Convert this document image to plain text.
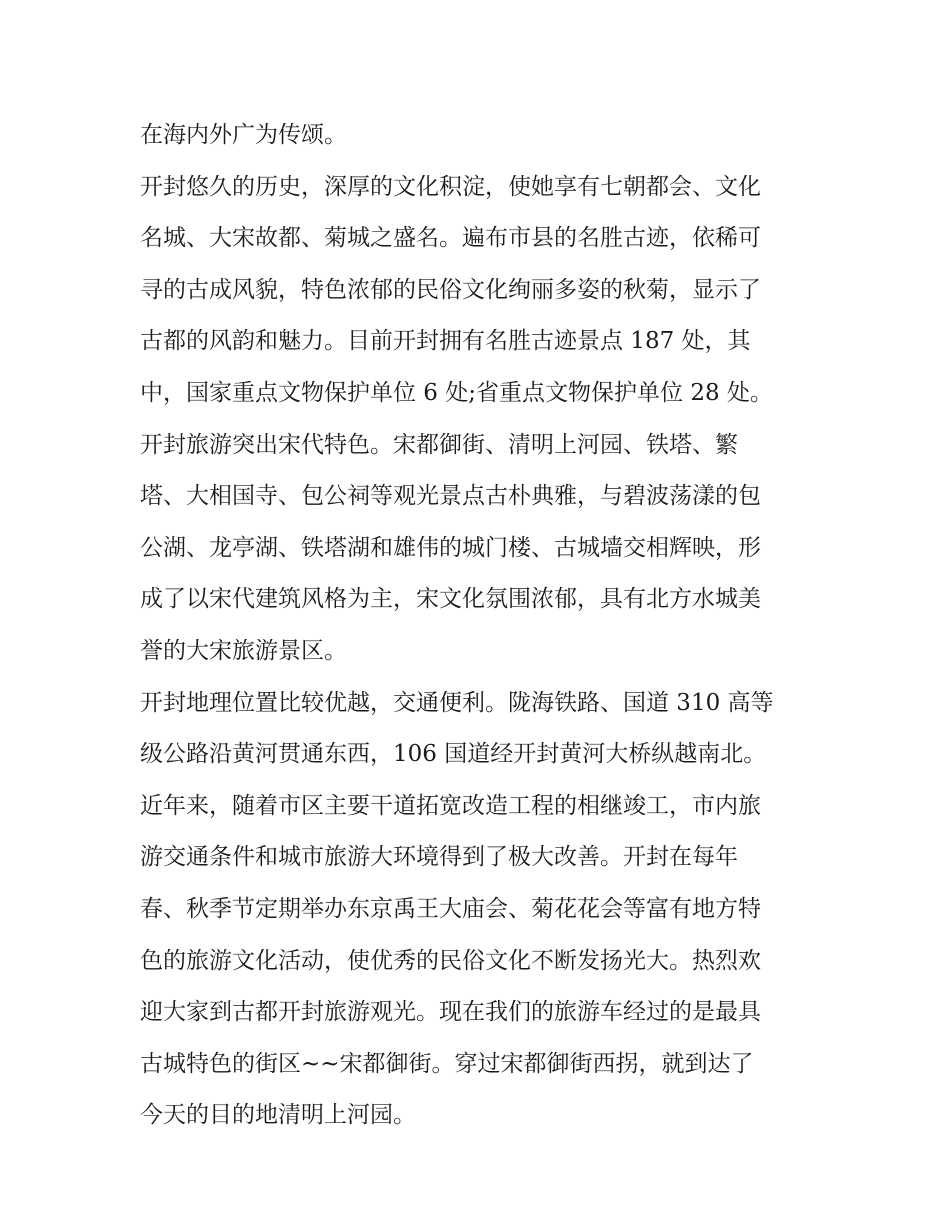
在海内外广为传颂。
开封悠久的历史，深厚的文化积淀，使她享有七朝都会、文化
名城、大宋故都、菊城之盛名。遍布市县的名胜古迹，依稀可
寻的古成风貌，特色浓郁的民俗文化绚丽多姿的秋菊，显示了
古都的风韵和魅力。目前开封拥有名胜古迹景点 187 处，其
中，国家重点文物保护单位 6 处;省重点文物保护单位 28 处。
开封旅游突出宋代特色。宋都御街、清明上河园、铁塔、繁
塔、大相国寺、包公祠等观光景点古朴典雅，与碧波荡漾的包
公湖、龙亭湖、铁塔湖和雄伟的城门楼、古城墙交相辉映，形
成了以宋代建筑风格为主，宋文化氛围浓郁，具有北方水城美
誉的大宋旅游景区。
开封地理位置比较优越，交通便利。陇海铁路、国道 310 高等
级公路沿黄河贯通东西，106 国道经开封黄河大桥纵越南北。
近年来，随着市区主要干道拓宽改造工程的相继竣工，市内旅
游交通条件和城市旅游大环境得到了极大改善。开封在每年
春、秋季节定期举办东京禹王大庙会、菊花花会等富有地方特
色的旅游文化活动，使优秀的民俗文化不断发扬光大。热烈欢
迎大家到古都开封旅游观光。现在我们的旅游车经过的是最具
古城特色的街区~~宋都御街。穿过宋都御街西拐，就到达了
今天的目的地清明上河园。
